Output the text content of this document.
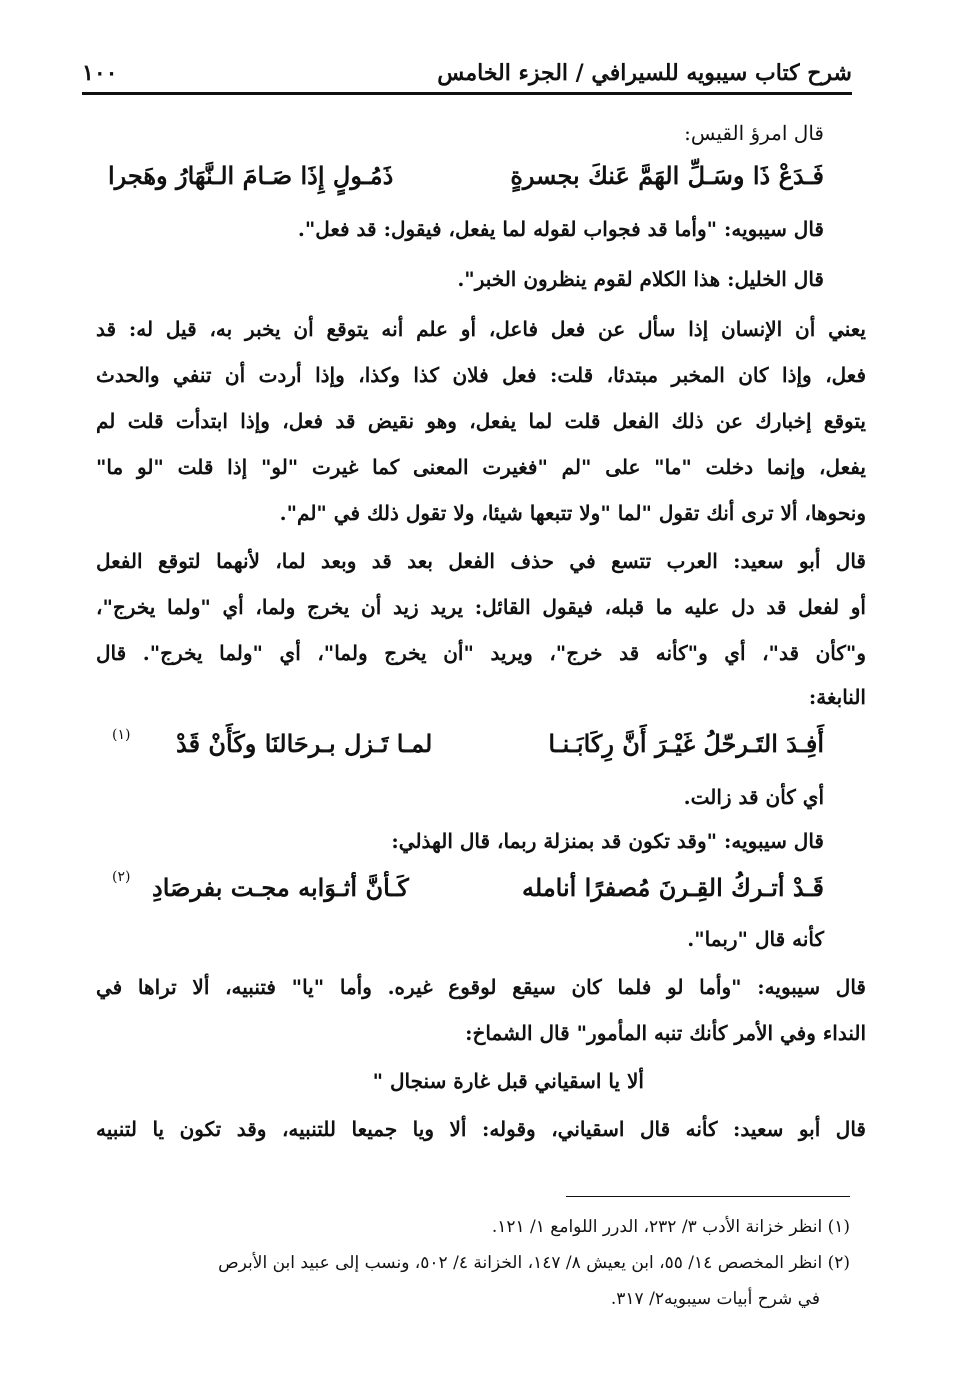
شرح كتاب سيبويه للسيرافي / الجزء الخامس
١٠٠
قال امرؤ القيس:
فَـدَعْ ذَا وسَـلِّ الهَمَّ عَنكَ بجسرةٍ
ذَمُـولٍ إِذَا صَـامَ الـنَّهَارُ وهَجرا
قال سيبويه: "وأما قد فجواب لقوله لما يفعل، فيقول: قد فعل".
قال الخليل: هذا الكلام لقوم ينظرون الخبر".
يعني أن الإنسان إذا سأل عن فعل فاعل، أو علم أنه يتوقع أن يخبر به، قيل له: قد
فعل، وإذا كان المخبر مبتدئا، قلت: فعل فلان كذا وكذا، وإذا أردت أن تنفي والحدث
يتوقع إخبارك عن ذلك الفعل قلت لما يفعل، وهو نقيض قد فعل، وإذا ابتدأت قلت لم
يفعل، وإنما دخلت "ما" على "لم "فغيرت المعنى كما غيرت "لو" إذا قلت "لو ما"
ونحوها، ألا ترى أنك تقول "لما "ولا تتبعها شيئا، ولا تقول ذلك في "لم".
قال أبو سعيد: العرب تتسع في حذف الفعل بعد قد وبعد لما، لأنهما لتوقع الفعل
أو لفعل قد دل عليه ما قبله، فيقول القائل: يريد زيد أن يخرج ولما، أي "ولما يخرج"،
و"كأن قد"، أي و"كأنه قد خرج"، ويريد "أن يخرج ولما"، أي "ولما يخرج". قال
النابغة:
أَفِـدَ التَـرحّلُ غَيْـرَ أَنَّ رِكَابَـنـا
لمـا تَـزل بـرحَالنَا وكَأَنْ قَدْ
(١)
أي كأن قد زالت.
قال سيبويه: "وقد تكون قد بمنزلة ربما، قال الهذلي:
قَـدْ أتـركُ القِـرنَ مُصفرًا أنامله
كَـأنَّ أثـوَابه مجـت بفرصَادِ
(٢)
كأنه قال "ربما".
قال سيبويه: "وأما لو فلما كان سيقع لوقوع غيره. وأما "يا" فتنبيه، ألا تراها في
النداء وفي الأمر كأنك تنبه المأمور" قال الشماخ:
ألا يا اسقياني قبل غارة سنجال "
قال أبو سعيد: كأنه قال اسقياني، وقوله: ألا ويا جميعا للتنبيه، وقد تكون يا لتنبيه
(١) انظر خزانة الأدب ٣/ ٢٣٢، الدرر اللوامع ١/ ١٢١.
(٢) انظر المخصص ١٤/ ٥٥، ابن يعيش ٨/ ١٤٧، الخزانة ٤/ ٥٠٢، ونسب إلى عبيد ابن الأبرص
في شرح أبيات سيبويه٢/ ٣١٧.
